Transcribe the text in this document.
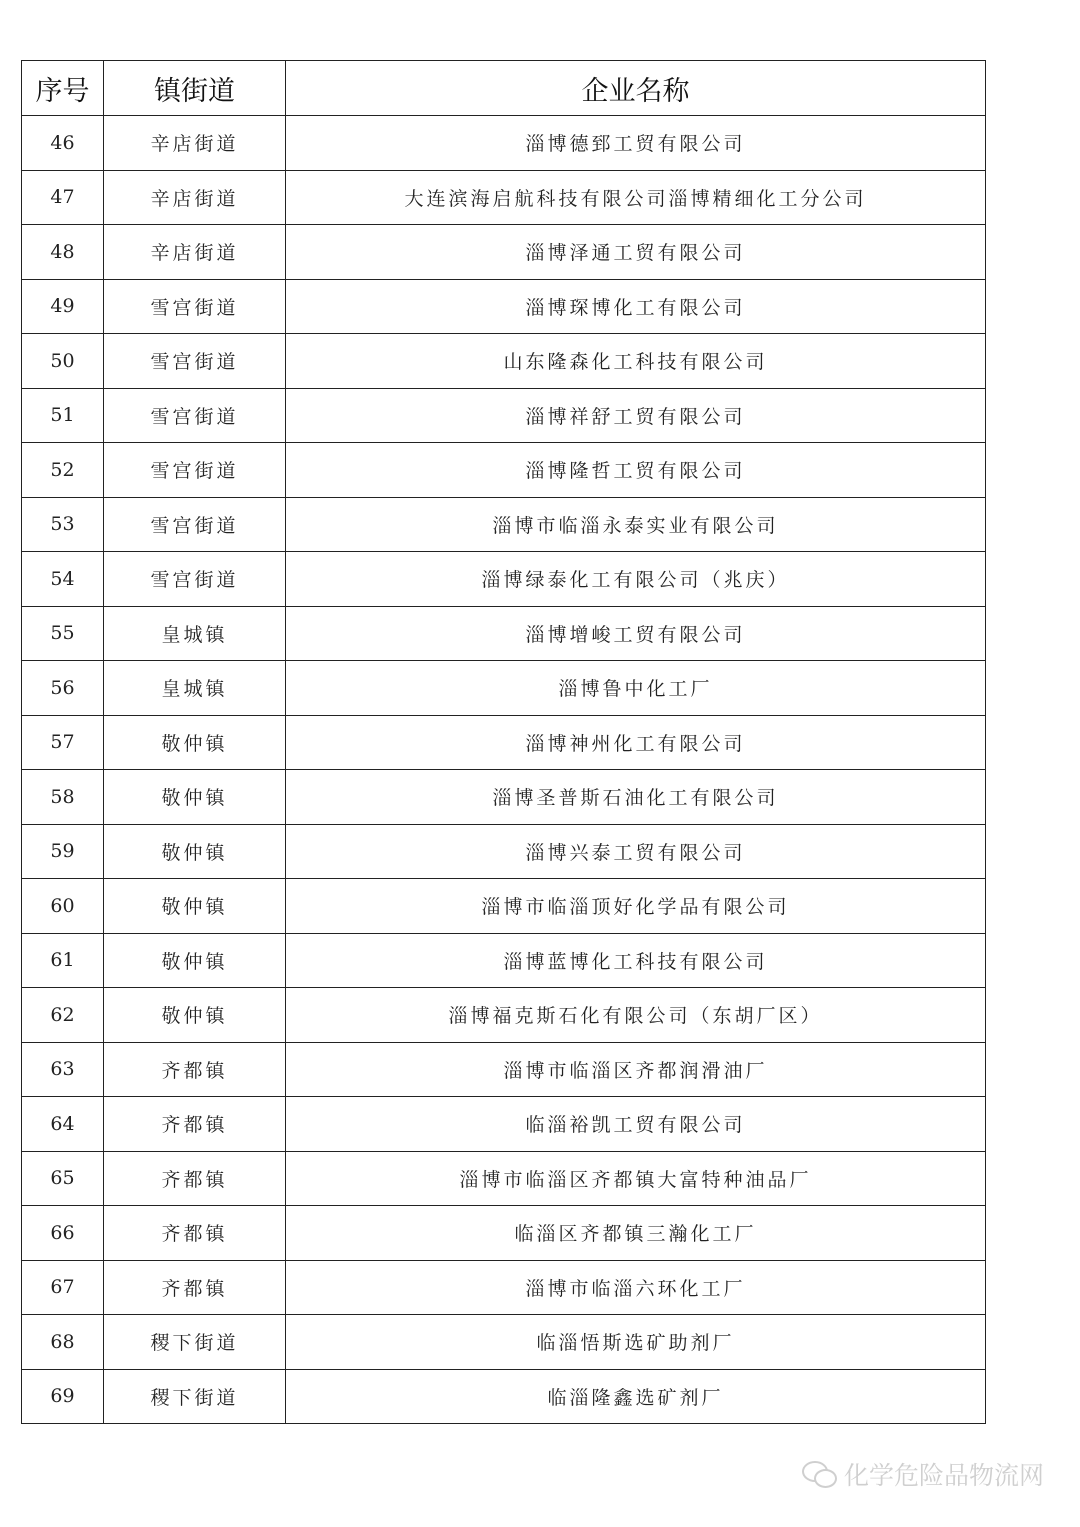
序号	镇街道	企业名称
46	辛店街道	淄博德郅工贸有限公司
47	辛店街道	大连滨海启航科技有限公司淄博精细化工分公司
48	辛店街道	淄博泽通工贸有限公司
49	雪宫街道	淄博琛博化工有限公司
50	雪宫街道	山东隆森化工科技有限公司
51	雪宫街道	淄博祥舒工贸有限公司
52	雪宫街道	淄博隆哲工贸有限公司
53	雪宫街道	淄博市临淄永泰实业有限公司
54	雪宫街道	淄博绿泰化工有限公司（兆庆）
55	皇城镇	淄博增峻工贸有限公司
56	皇城镇	淄博鲁中化工厂
57	敬仲镇	淄博神州化工有限公司
58	敬仲镇	淄博圣普斯石油化工有限公司
59	敬仲镇	淄博兴泰工贸有限公司
60	敬仲镇	淄博市临淄顶好化学品有限公司
61	敬仲镇	淄博蓝博化工科技有限公司
62	敬仲镇	淄博福克斯石化有限公司（东胡厂区）
63	齐都镇	淄博市临淄区齐都润滑油厂
64	齐都镇	临淄裕凯工贸有限公司
65	齐都镇	淄博市临淄区齐都镇大富特种油品厂
66	齐都镇	临淄区齐都镇三瀚化工厂
67	齐都镇	淄博市临淄六环化工厂
68	稷下街道	临淄悟斯选矿助剂厂
69	稷下街道	临淄隆鑫选矿剂厂
化学危险品物流网
